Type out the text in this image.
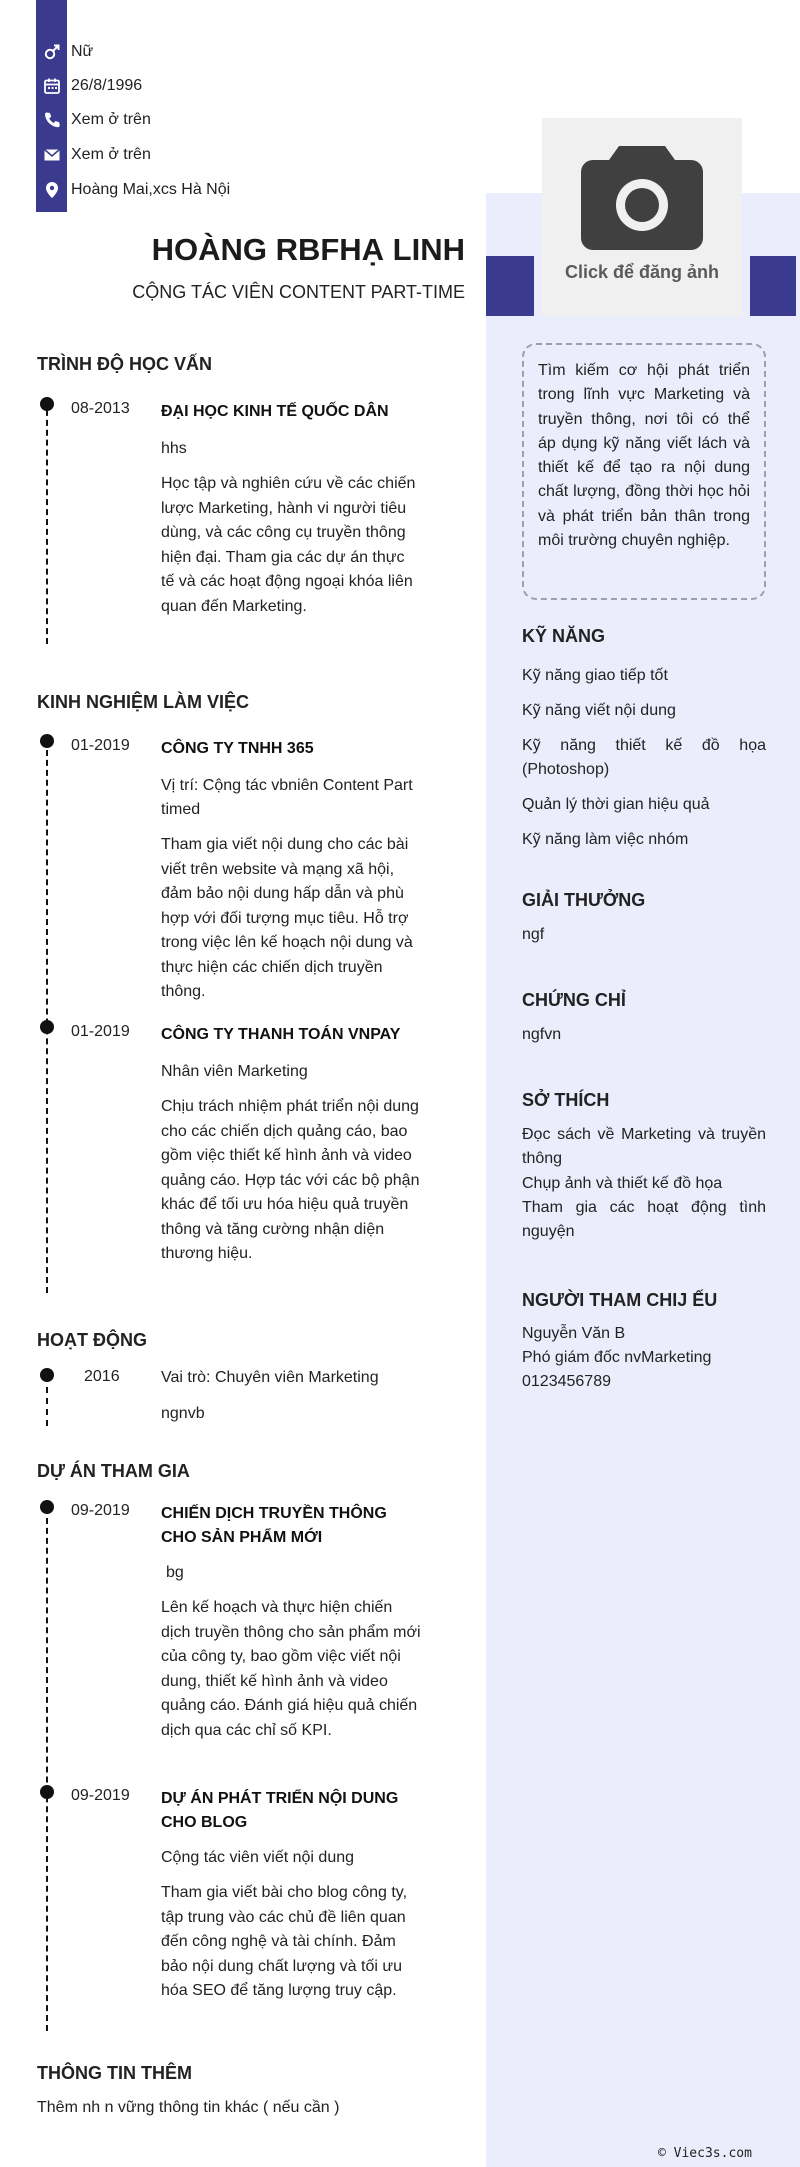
Click để đăng ảnh
Nữ
26/8/1996
Xem ở trên
Xem ở trên
Hoàng Mai,xcs Hà Nội
HOÀNG RBFHẠ LINH
CỘNG TÁC VIÊN CONTENT PART-TIME
TRÌNH ĐỘ HỌC VẤN
08-2013 ĐẠI HỌC KINH TẾ QUỐC DÂN
hhs
Học tập và nghiên cứu về các chiến lược Marketing, hành vi người tiêu dùng, và các công cụ truyền thông hiện đại. Tham gia các dự án thực tế và các hoạt động ngoại khóa liên quan đến Marketing.
KINH NGHIỆM LÀM VIỆC
01-2019 CÔNG TY TNHH 365
Vị trí: Cộng tác vbniên Content Part timed
Tham gia viết nội dung cho các bài viết trên website và mạng xã hội, đảm bảo nội dung hấp dẫn và phù hợp với đối tượng mục tiêu. Hỗ trợ trong việc lên kế hoạch nội dung và thực hiện các chiến dịch truyền thông.
01-2019 CÔNG TY THANH TOÁN VNPAY
Nhân viên Marketing
Chịu trách nhiệm phát triển nội dung cho các chiến dịch quảng cáo, bao gồm việc thiết kế hình ảnh và video quảng cáo. Hợp tác với các bộ phận khác để tối ưu hóa hiệu quả truyền thông và tăng cường nhận diện thương hiệu.
HOẠT ĐỘNG
2016	Vai trò: Chuyên viên Marketing
ngnvb
DỰ ÁN THAM GIA
09-2019 CHIẾN DỊCH TRUYỀN THÔNG CHO SẢN PHẨM MỚI
bg
Lên kế hoạch và thực hiện chiến dịch truyền thông cho sản phẩm mới của công ty, bao gồm việc viết nội dung, thiết kế hình ảnh và video quảng cáo. Đánh giá hiệu quả chiến dịch qua các chỉ số KPI.
09-2019 DỰ ÁN PHÁT TRIỂN NỘI DUNG CHO BLOG
Cộng tác viên viết nội dung
Tham gia viết bài cho blog công ty, tập trung vào các chủ đề liên quan đến công nghệ và tài chính. Đảm bảo nội dung chất lượng và tối ưu hóa SEO để tăng lượng truy cập.
THÔNG TIN THÊM
Thêm nh n vững thông tin khác ( nếu cần )
Tìm kiếm cơ hội phát triển trong lĩnh vực Marketing và truyền thông, nơi tôi có thể áp dụng kỹ năng viết lách và thiết kế để tạo ra nội dung chất lượng, đồng thời học hỏi và phát triển bản thân trong môi trường chuyên nghiệp.
KỸ NĂNG
Kỹ năng giao tiếp tốt
Kỹ năng viết nội dung
Kỹ năng thiết kế đồ họa (Photoshop)
Quản lý thời gian hiệu quả
Kỹ năng làm việc nhóm
GIẢI THƯỞNG
ngf
CHỨNG CHỈ
ngfvn
SỞ THÍCH
Đọc sách về Marketing và truyền thông
Chụp ảnh và thiết kế đồ họa
Tham gia các hoạt động tình nguyện
NGƯỜI THAM CHIJ ẾU
Nguyễn Văn B
Phó giám đốc nvMarketing
0123456789
© Viec3s.com
